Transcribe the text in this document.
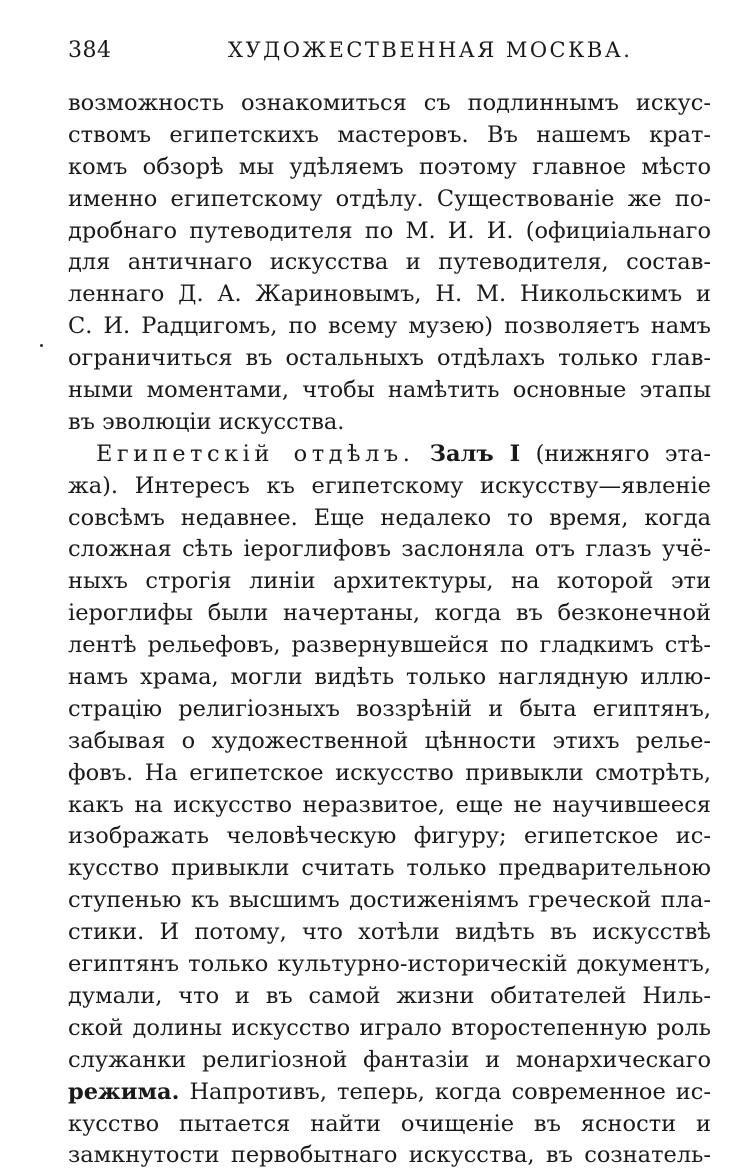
384	ХУДОЖЕСТВЕННАЯ МОСКВА.
возможность ознакомиться съ подлиннымъ искус-
ствомъ египетскихъ мастеровъ. Въ нашемъ крат-
комъ обзорѣ мы удѣляемъ поэтому главное мѣсто
именно египетскому отдѣлу. Существованіе же по-
дробнаго путеводителя по М. И. И. (официіальнаго
для античнаго искусства и путеводителя, состав-
леннаго Д. А. Жариновымъ, Н. М. Никольскимъ и
С. И. Радцигомъ, по всему музею) позволяетъ намъ
ограничиться въ остальныхъ отдѣлахъ только глав-
ными моментами, чтобы намѣтить основные этапы
въ эволюціи искусства.
Египетскій отдѣлъ. Залъ I (нижняго эта-
жа). Интересъ къ египетскому искусству—явленіе
совсѣмъ недавнее. Еще недалеко то время, когда
сложная сѣть іероглифовъ заслоняла отъ глазъ учё-
ныхъ строгія линіи архитектуры, на которой эти
іероглифы были начертаны, когда въ безконечной
лентѣ рельефовъ, развернувшейся по гладкимъ стѣ-
намъ храма, могли видѣть только наглядную иллю-
страцію религіозныхъ воззрѣній и быта египтянъ,
забывая о художественной цѣнности этихъ релье-
фовъ. На египетское искусство привыкли смотрѣть,
какъ на искусство неразвитое, еще не научившееся
изображать человѣческую фигуру; египетское ис-
кусство привыкли считать только предварительною
ступенью къ высшимъ достиженіямъ греческой пла-
стики. И потому, что хотѣли видѣть въ искусствѣ
египтянъ только культурно-историческій документъ,
думали, что и въ самой жизни обитателей Ниль-
ской долины искусство играло второстепенную роль
служанки религіозной фантазіи и монархическаго
режима. Напротивъ, теперь, когда современное ис-
кусство пытается найти очищеніе въ ясности и
замкнутости первобытнаго искусства, въ сознатель-
